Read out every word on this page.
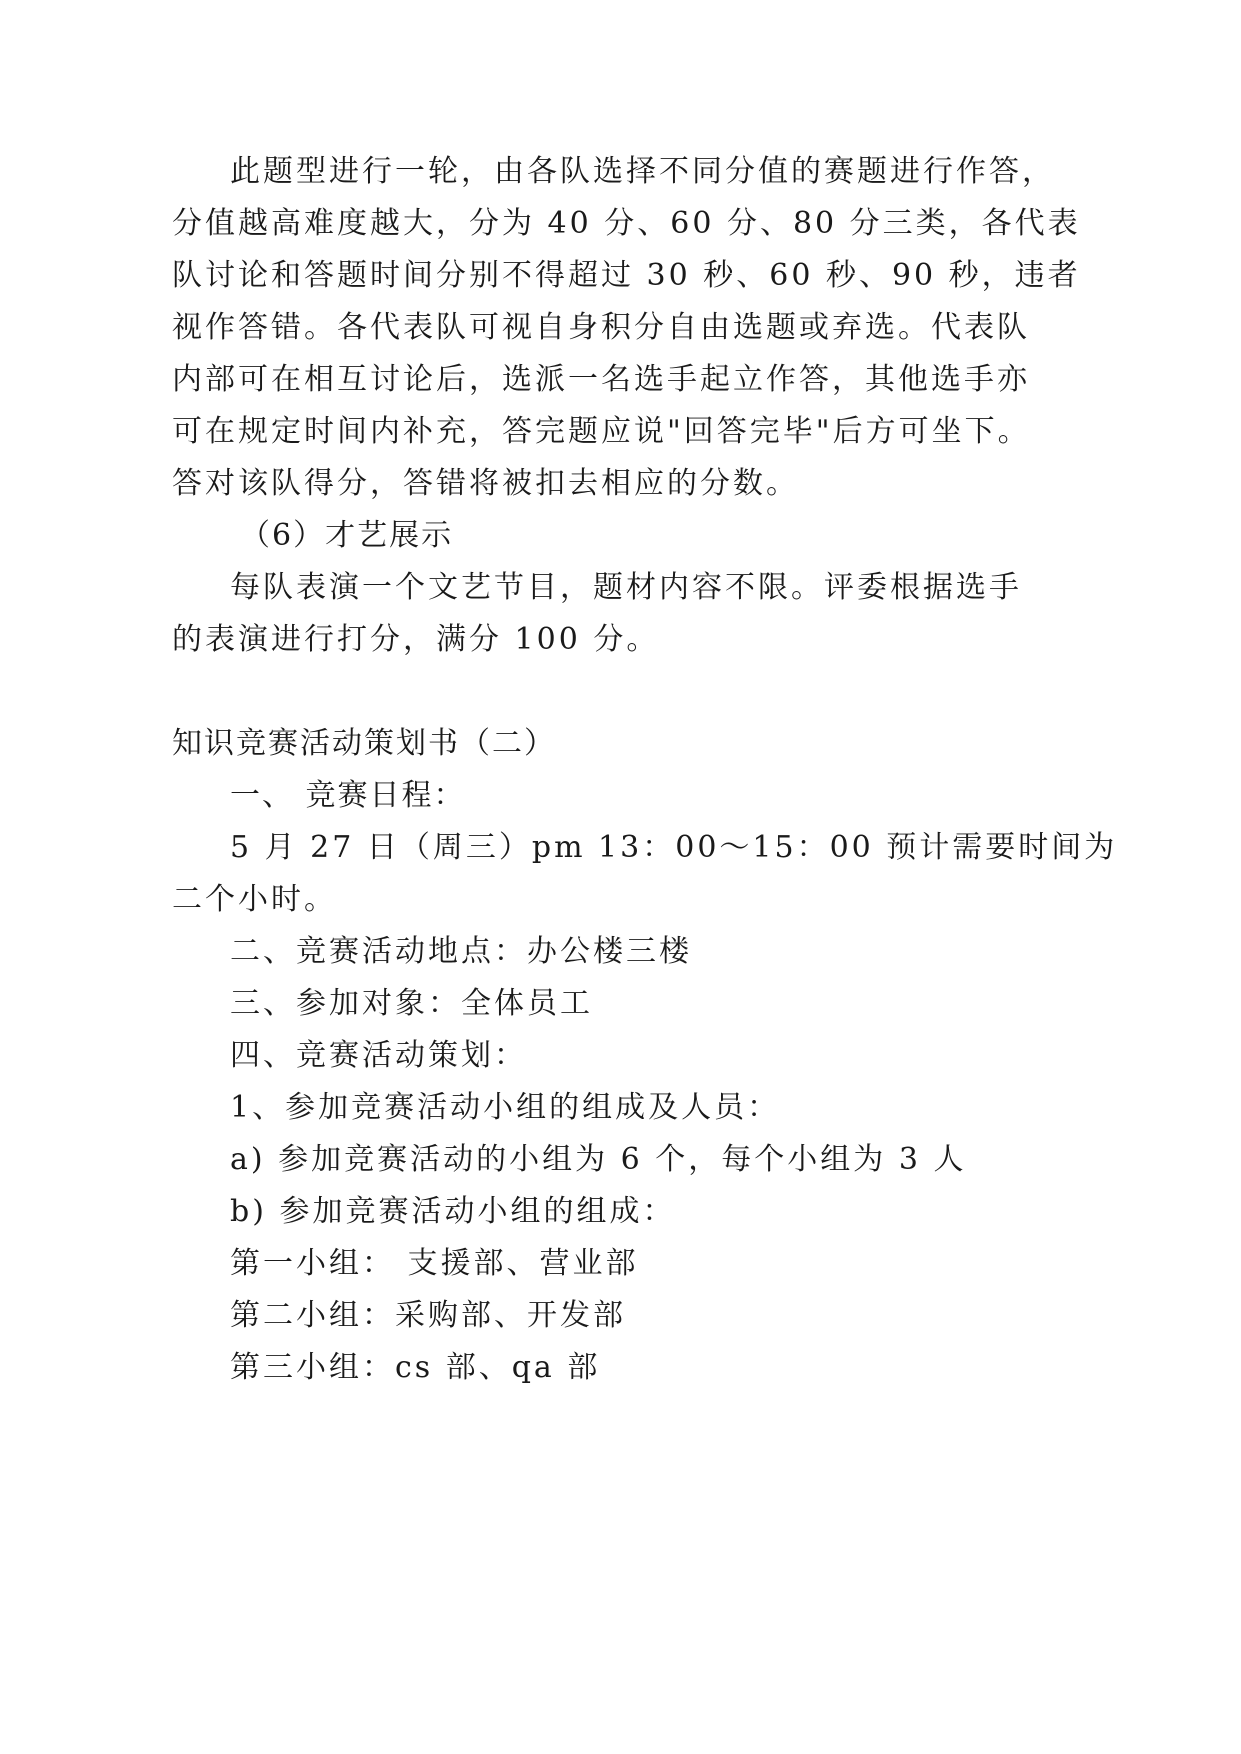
此题型进行一轮，由各队选择不同分值的赛题进行作答，
分值越高难度越大，分为 40 分、60 分、80 分三类，各代表
队讨论和答题时间分别不得超过 30 秒、60 秒、90 秒，违者
视作答错。各代表队可视自身积分自由选题或弃选。代表队
内部可在相互讨论后，选派一名选手起立作答，其他选手亦
可在规定时间内补充，答完题应说"回答完毕"后方可坐下。
答对该队得分，答错将被扣去相应的分数。
（6）才艺展示
每队表演一个文艺节目，题材内容不限。评委根据选手
的表演进行打分，满分 100 分。
知识竞赛活动策划书（二）
一、 竞赛日程：
5 月 27 日（周三）pm 13：00～15：00 预计需要时间为
二个小时。
二、竞赛活动地点：办公楼三楼
三、参加对象：全体员工
四、竞赛活动策划：
1、参加竞赛活动小组的组成及人员：
a) 参加竞赛活动的小组为 6 个，每个小组为 3 人
b) 参加竞赛活动小组的组成：
第一小组： 支援部、营业部
第二小组：采购部、开发部
第三小组：cs 部、qa 部
